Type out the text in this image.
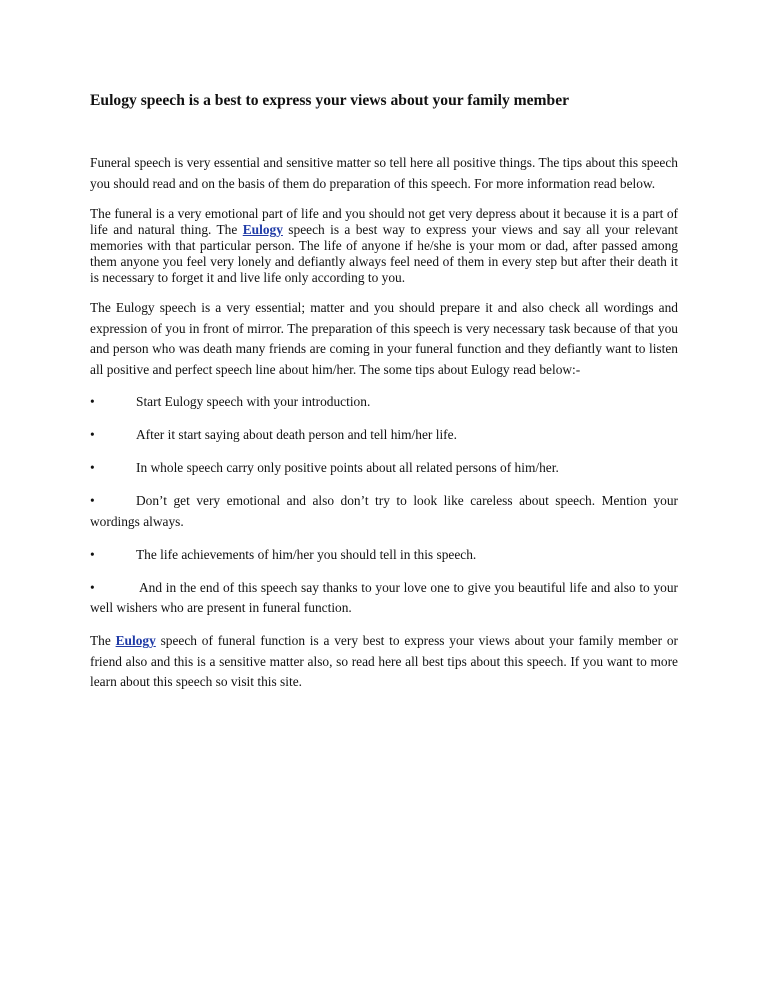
Eulogy speech is a best to express your views about your family member

Funeral speech is very essential and sensitive matter so tell here all positive things. The tips about this speech you should read and on the basis of them do preparation of this speech. For more information read below.

The funeral is a very emotional part of life and you should not get very depress about it because it is a part of life and natural thing. The Eulogy speech is a best way to express your views and say all your relevant memories with that particular person. The life of anyone if he/she is your mom or dad, after passed among them anyone you feel very lonely and defiantly always feel need of them in every step but after their death it is necessary to forget it and live life only according to you.

The Eulogy speech is a very essential; matter and you should prepare it and also check all wordings and expression of you in front of mirror. The preparation of this speech is very necessary task because of that you and person who was death many friends are coming in your funeral function and they defiantly want to listen all positive and perfect speech line about him/her. The some tips about Eulogy read below:-

•	Start Eulogy speech with your introduction.

•	After it start saying about death person and tell him/her life.

•	In whole speech carry only positive points about all related persons of him/her.

•	Don’t get very emotional and also don’t try to look like careless about speech. Mention your wordings always.

•	The life achievements of him/her you should tell in this speech.

•	And in the end of this speech say thanks to your love one to give you beautiful life and also to your well wishers who are present in funeral function.

The Eulogy speech of funeral function is a very best to express your views about your family member or friend also and this is a sensitive matter also, so read here all best tips about this speech. If you want to more learn about this speech so visit this site.
